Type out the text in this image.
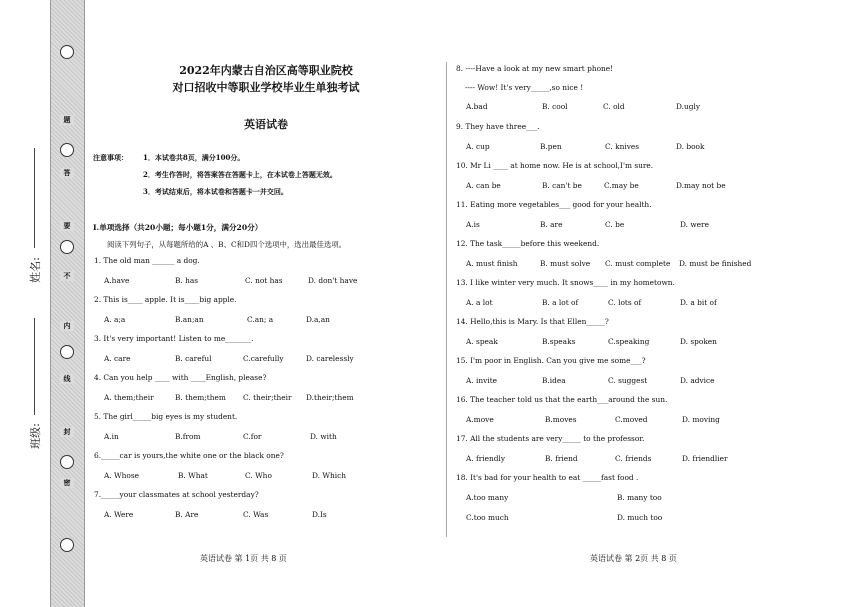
题
答
要
不
内
线
封
密
姓名:
班级:
2022年内蒙古自治区高等职业院校
对口招收中等职业学校毕业生单独考试
英语试卷
注意事项： 1．本试卷共8页，满分100分。
2．考生作答时，将答案答在答题卡上，在本试卷上答题无效。
3．考试结束后，将本试卷和答题卡一并交回。
Ⅰ.单项选择（共20小题；每小题1分，满分20分）
阅读下列句子，从每题所给的A 、B、C和D四个选项中，选出最佳选项。
1. The old man ______ a dog.
A.have	B. has	C. not has	D. don't have
2. This is____ apple. It is____big apple.
A. a;a	B.an;an	C.an; a	D.a,an
3. It's very important! Listen to me_______.
A. care	B. careful	C.carefully	D. carelessly
4. Can you help ____ with ____English, please?
A. them;their	B. them;them C. their;their D.their;them
5. The girl_____big eyes is my student.
A.in	B.from	C.for	D. with
6._____car is yours,the white one or the black one?
A. Whose	B. What	C. Who	D. Which
7._____your classmates at school yesterday?
A. Were	B. Are	C. Was	D.Is
8. ----Have a look at my new smart phone!
---- Wow! It's very_____,so nice !
A.bad	B. cool	C. old	D.ugly
9. They have three___.
A. cup	B.pen	C. knives	D. book
10. Mr Li ____ at home now. He is at school,I'm sure.
A. can be	B. can't be	C.may be	D.may not be
11. Eating more vegetables___ good for your health.
A.is	B. are	C. be	D. were
12. The task_____before this weekend.
A. must finish	B. must solve C. must complete D. must be finished
13. I like winter very much. It snows____ in my hometown.
A. a lot	B. a lot of	C. lots of	D. a bit of
14. Hello,this is Mary. Is that Ellen_____?
A. speak	B.speaks	C.speaking	D. spoken
15. I'm poor in English. Can you give me some___?
A. invite	B.idea	C. suggest	D. advice
16. The teacher told us that the earth___around the sun.
A.move	B.moves	C.moved	D. moving
17. All the students are very_____ to the professor.
A. friendly	B. friend	C. friends	D. friendlier
18. It's bad for your health to eat _____fast food .
A.too many	B. many too
C.too much	D. much too
英语试卷 第 1页 共 8 页	英语试卷 第 2页 共 8 页
